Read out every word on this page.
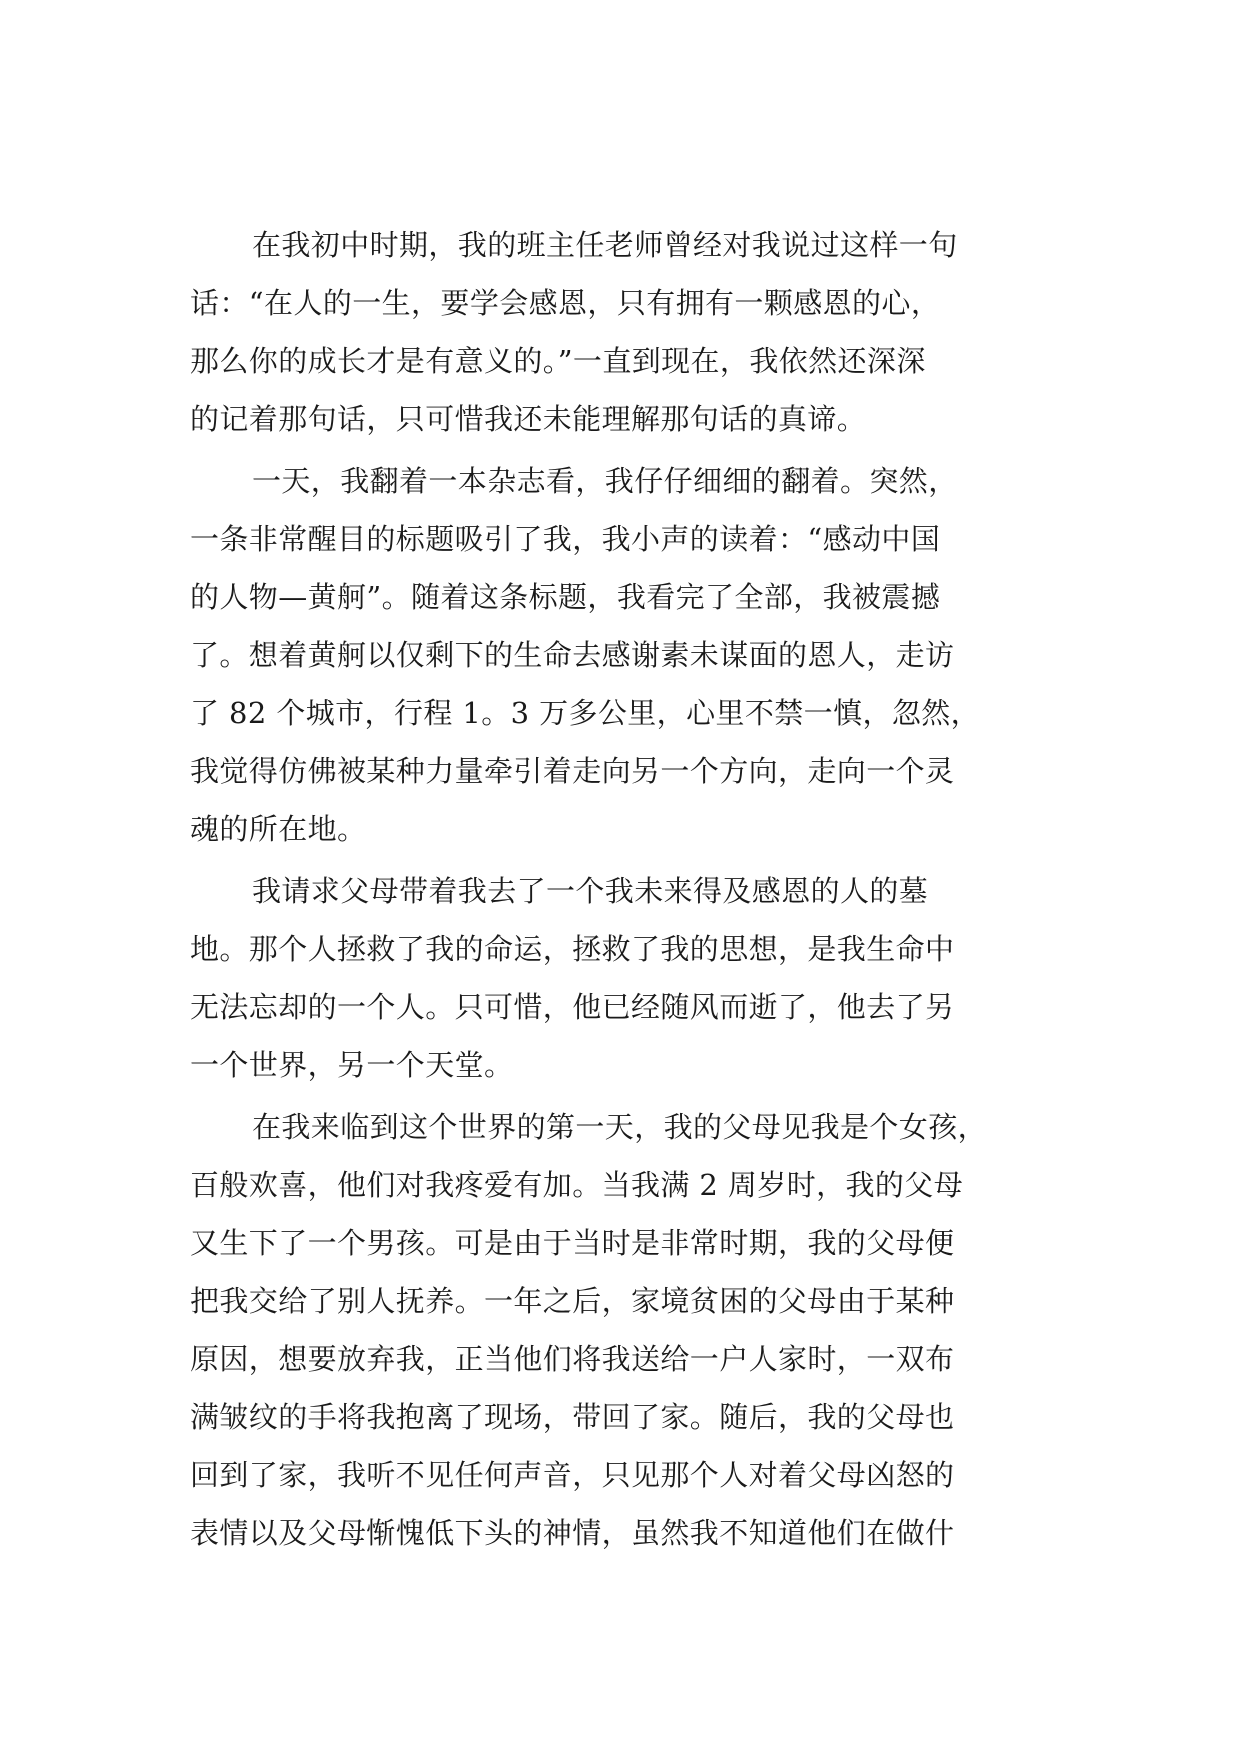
在我初中时期，我的班主任老师曾经对我说过这样一句
话：“在人的一生，要学会感恩，只有拥有一颗感恩的心，
那么你的成长才是有意义的。”一直到现在，我依然还深深
的记着那句话，只可惜我还未能理解那句话的真谛。

一天，我翻着一本杂志看，我仔仔细细的翻着。突然，
一条非常醒目的标题吸引了我，我小声的读着：“感动中国
的人物—黄舸”。随着这条标题，我看完了全部，我被震撼
了。想着黄舸以仅剩下的生命去感谢素未谋面的恩人，走访
了 82 个城市，行程 1。3 万多公里，心里不禁一慎，忽然，
我觉得仿佛被某种力量牵引着走向另一个方向，走向一个灵
魂的所在地。

我请求父母带着我去了一个我未来得及感恩的人的墓
地。那个人拯救了我的命运，拯救了我的思想，是我生命中
无法忘却的一个人。只可惜，他已经随风而逝了，他去了另
一个世界，另一个天堂。

在我来临到这个世界的第一天，我的父母见我是个女孩，
百般欢喜，他们对我疼爱有加。当我满 2 周岁时，我的父母
又生下了一个男孩。可是由于当时是非常时期，我的父母便
把我交给了别人抚养。一年之后，家境贫困的父母由于某种
原因，想要放弃我，正当他们将我送给一户人家时，一双布
满皱纹的手将我抱离了现场，带回了家。随后，我的父母也
回到了家，我听不见任何声音，只见那个人对着父母凶怒的
表情以及父母惭愧低下头的神情，虽然我不知道他们在做什
